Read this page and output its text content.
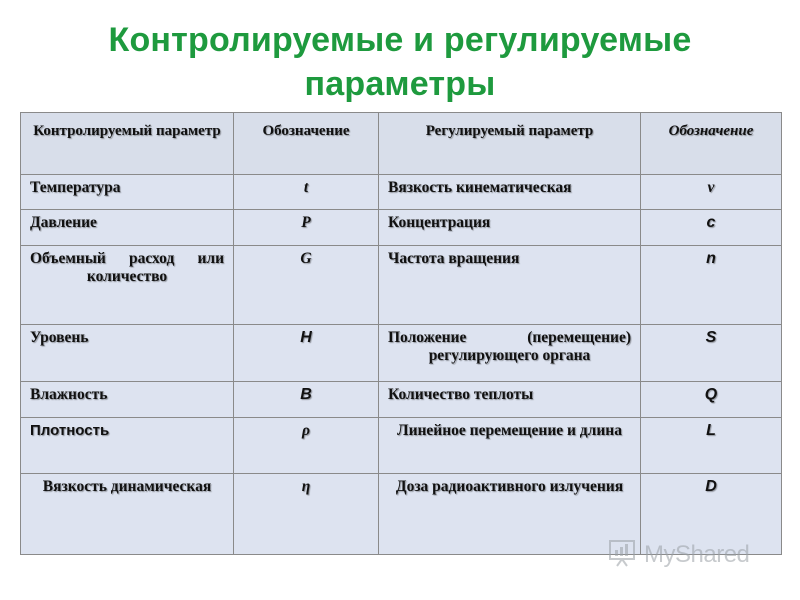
Контролируемые и регулируемые
параметры
Контролируемый параметр	Обозначение	Регулируемый параметр	Обозначение
Температура	t	Вязкость кинематическая	ν
Давление	P	Концентрация	c
Объемный расход или количество	G	Частота вращения	n
Уровень	H	Положение (перемещение) регулирующего органа	S
Влажность	B	Количество теплоты	Q
Плотность	ρ	Линейное перемещение и длина	L
Вязкость динамическая	η	Доза радиоактивного излучения	D
MyShared
